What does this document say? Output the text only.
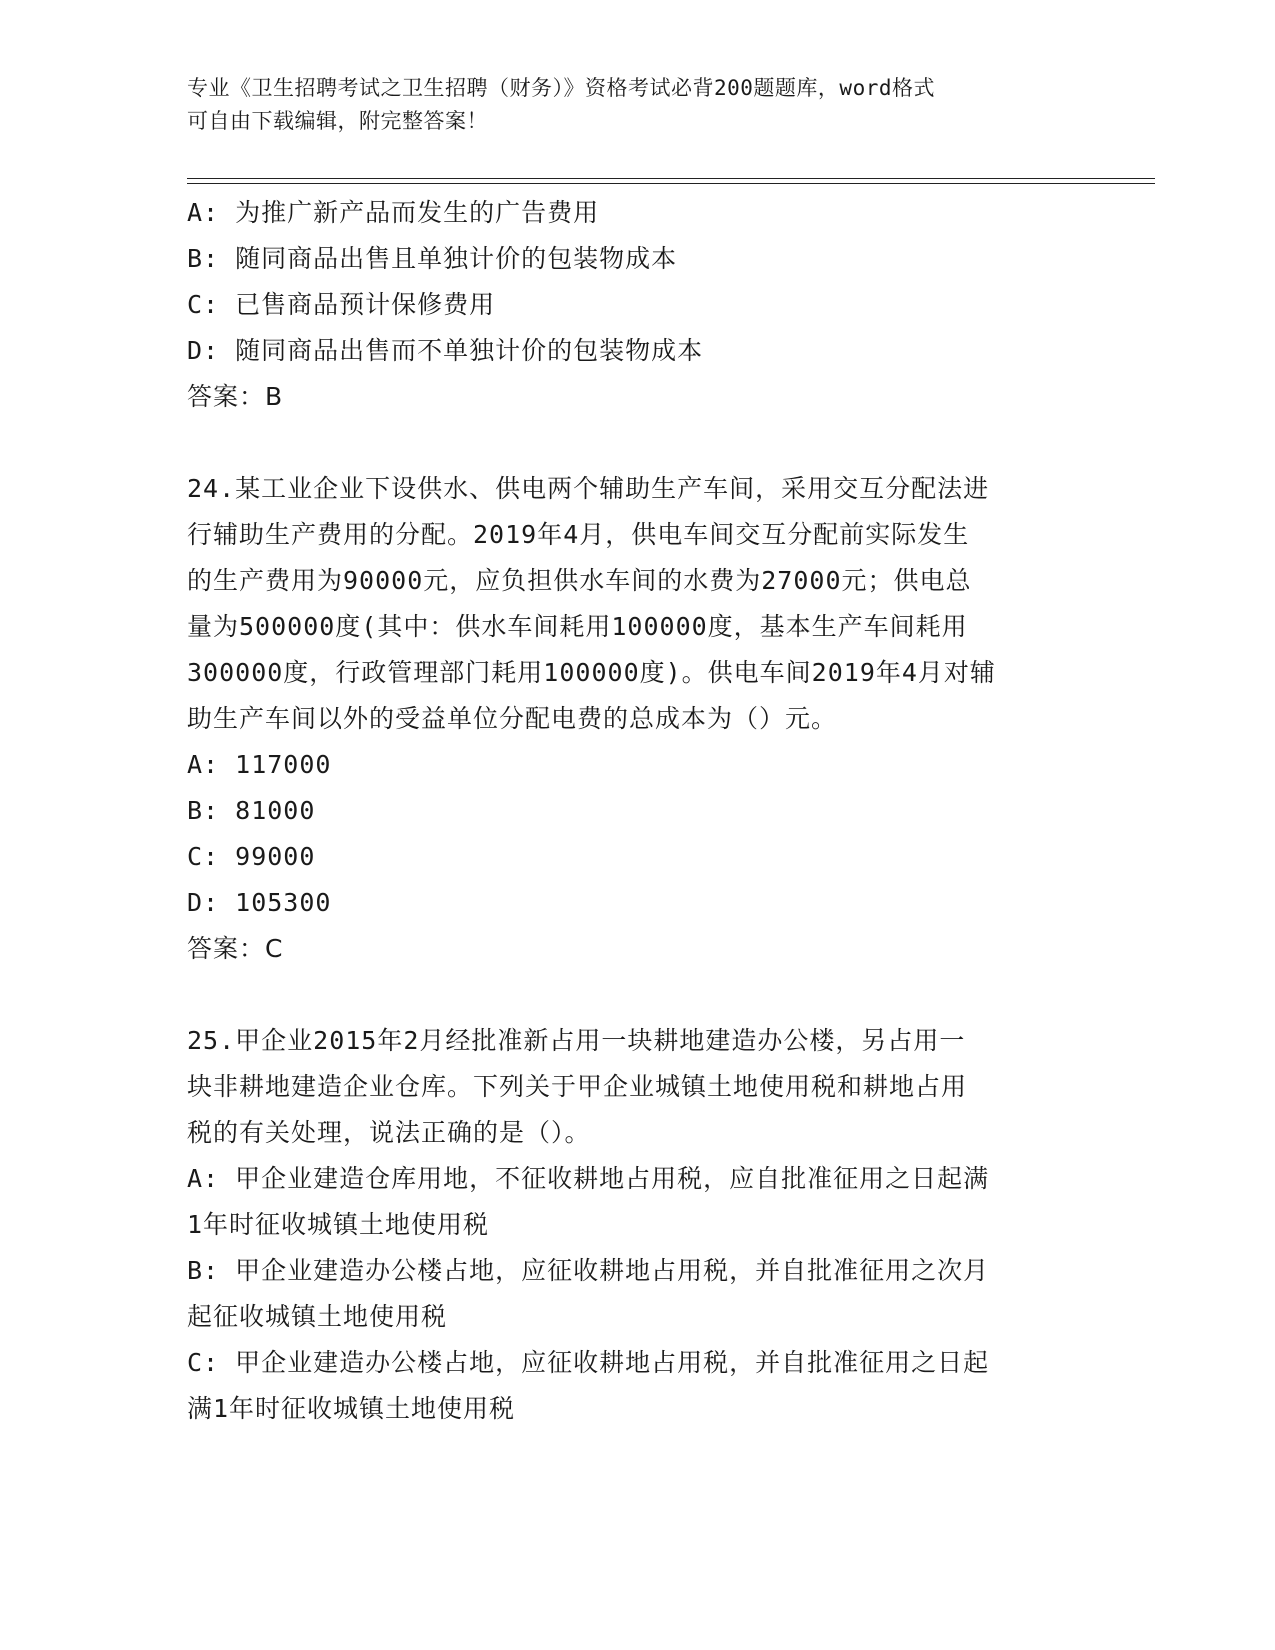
专业《卫生招聘考试之卫生招聘（财务）》资格考试必背200题题库，word格式
可自由下载编辑，附完整答案！
A: 为推广新产品而发生的广告费用
B: 随同商品出售且单独计价的包装物成本
C: 已售商品预计保修费用
D: 随同商品出售而不单独计价的包装物成本
答案：B
24.某工业企业下设供水、供电两个辅助生产车间，采用交互分配法进
行辅助生产费用的分配。2019年4月，供电车间交互分配前实际发生
的生产费用为90000元，应负担供水车间的水费为27000元；供电总
量为500000度(其中：供水车间耗用100000度，基本生产车间耗用
300000度，行政管理部门耗用100000度)。供电车间2019年4月对辅
助生产车间以外的受益单位分配电费的总成本为（）元。
A: 117000
B: 81000
C: 99000
D: 105300
答案：C
25.甲企业2015年2月经批准新占用一块耕地建造办公楼，另占用一
块非耕地建造企业仓库。下列关于甲企业城镇土地使用税和耕地占用
税的有关处理，说法正确的是（）。
A: 甲企业建造仓库用地，不征收耕地占用税，应自批准征用之日起满
1年时征收城镇土地使用税
B: 甲企业建造办公楼占地，应征收耕地占用税，并自批准征用之次月
起征收城镇土地使用税
C: 甲企业建造办公楼占地，应征收耕地占用税，并自批准征用之日起
满1年时征收城镇土地使用税
